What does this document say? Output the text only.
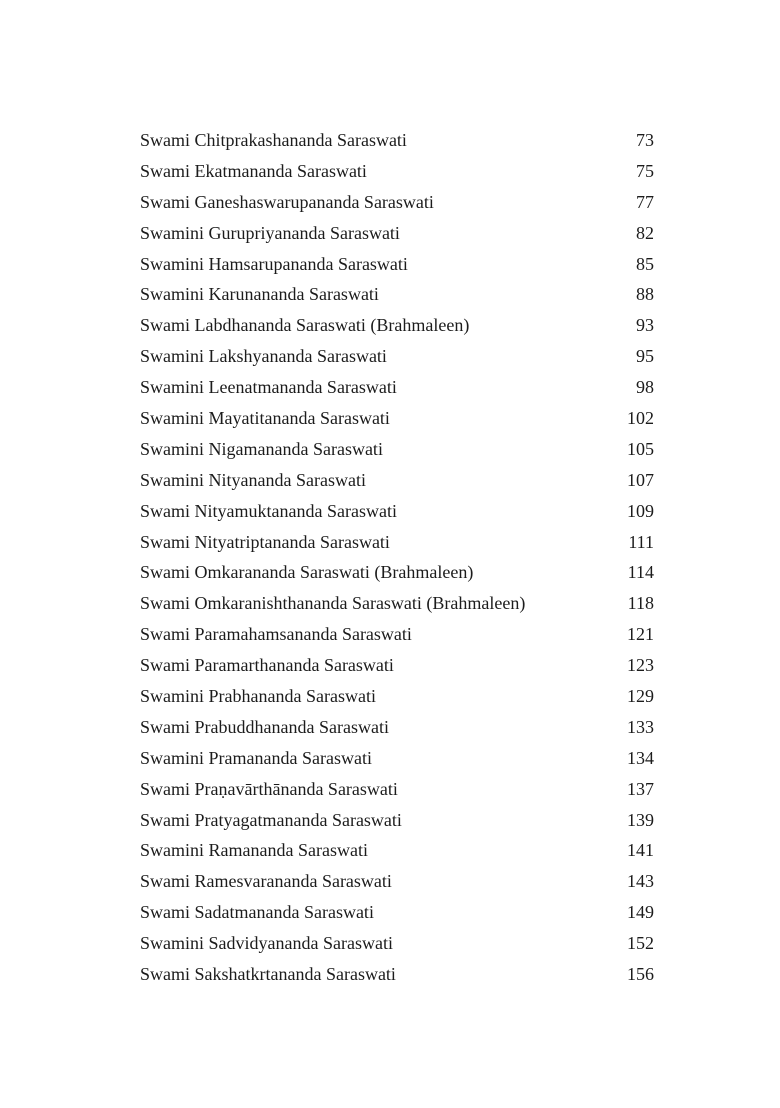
Swami Chitprakashananda Saraswati	73
Swami Ekatmananda Saraswati	75
Swami Ganeshaswarupananda Saraswati	77
Swamini Gurupriyananda Saraswati	82
Swamini Hamsarupananda Saraswati	85
Swamini Karunananda Saraswati	88
Swami Labdhananda Saraswati (Brahmaleen)	93
Swamini Lakshyananda Saraswati	95
Swamini Leenatmananda Saraswati	98
Swamini Mayatitananda Saraswati	102
Swamini Nigamananda Saraswati	105
Swamini Nityananda Saraswati	107
Swami Nityamuktananda Saraswati	109
Swami Nityatriptananda Saraswati	111
Swami Omkarananda Saraswati (Brahmaleen)	114
Swami Omkaranishthananda Saraswati (Brahmaleen)	118
Swami Paramahamsananda Saraswati	121
Swami Paramarthananda Saraswati	123
Swamini Prabhananda Saraswati	129
Swami Prabuddhananda Saraswati	133
Swamini Pramananda Saraswati	134
Swami Praṇavārthānanda Saraswati	137
Swami Pratyagatmananda Saraswati	139
Swamini Ramananda Saraswati	141
Swami Ramesvarananda Saraswati	143
Swami Sadatmananda Saraswati	149
Swamini Sadvidyananda Saraswati	152
Swami Sakshatkrtananda Saraswati	156
